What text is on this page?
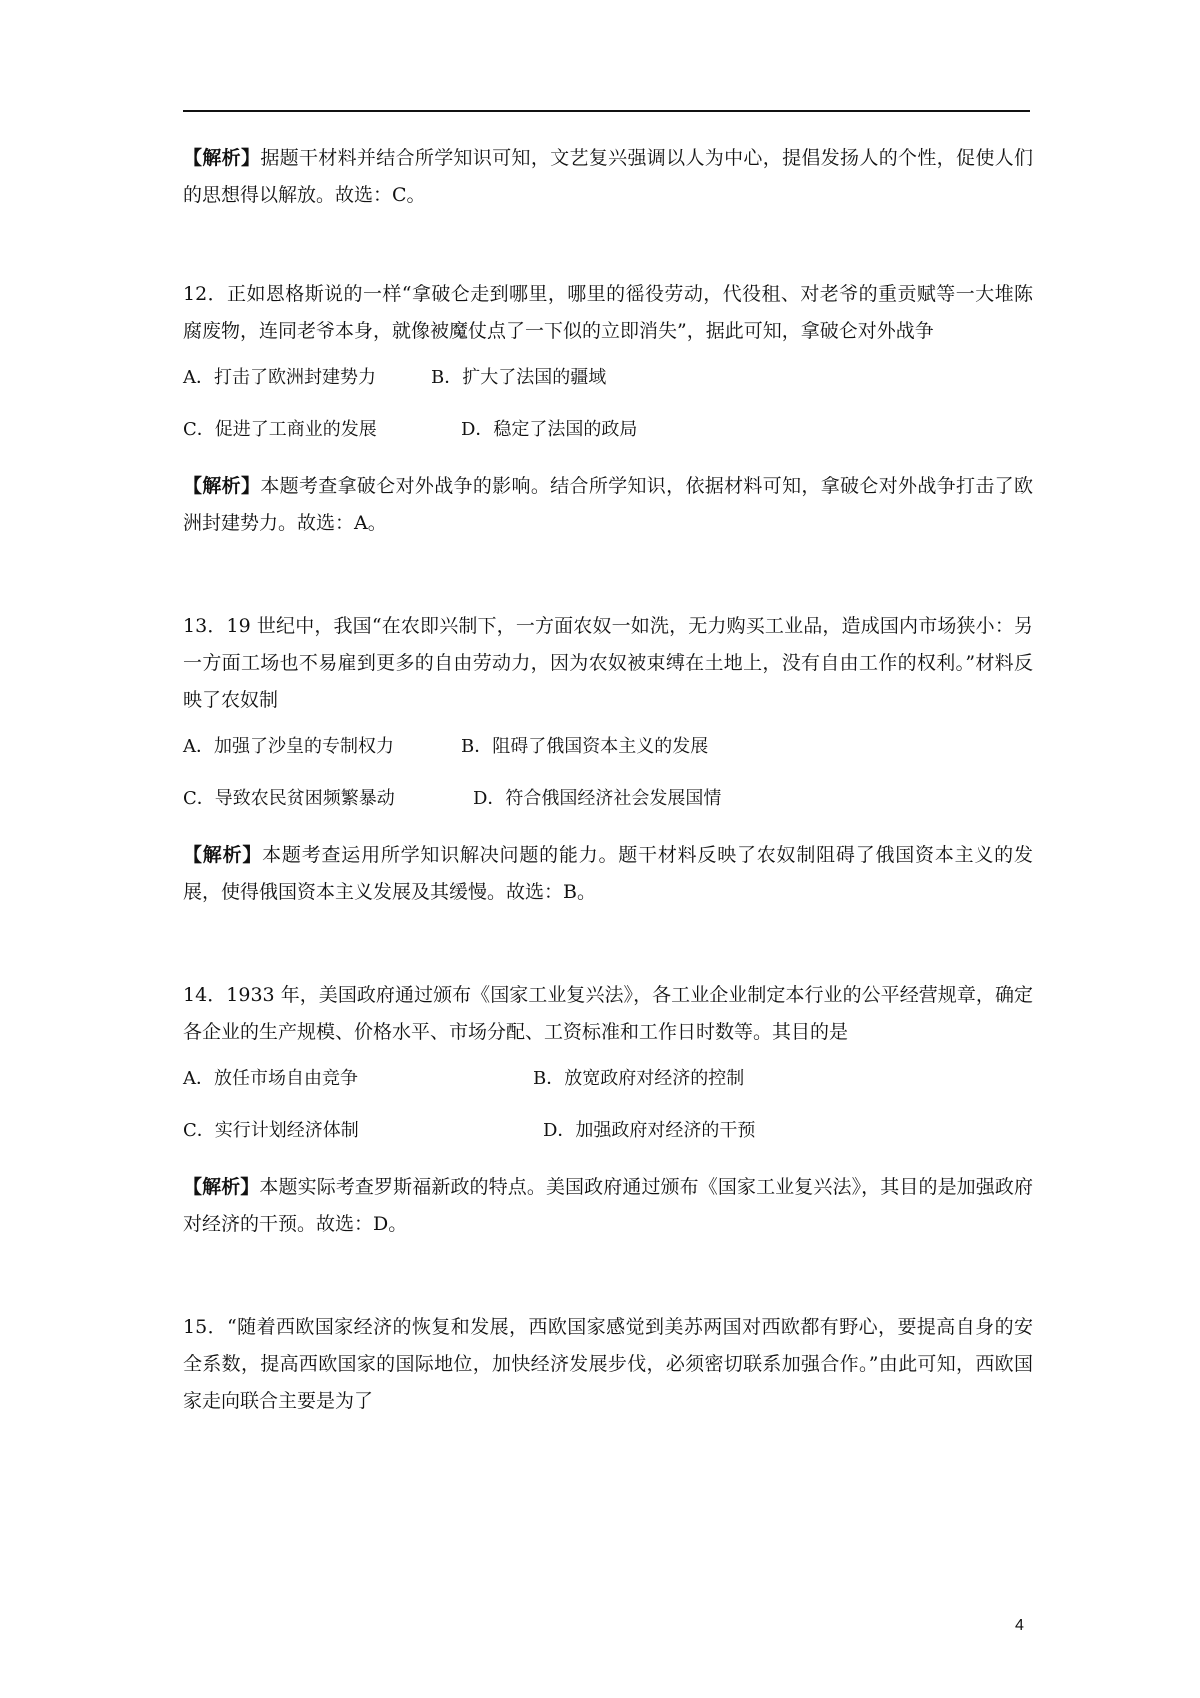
【解析】据题干材料并结合所学知识可知，文艺复兴强调以人为中心，提倡发扬人的个性，促使人们的思想得以解放。故选：C。

12．正如恩格斯说的一样“拿破仑走到哪里，哪里的徭役劳动，代役租、对老爷的重贡赋等一大堆陈腐废物，连同老爷本身，就像被魔仗点了一下似的立即消失”，据此可知，拿破仑对外战争

A．打击了欧洲封建势力	B．扩大了法国的疆域
C．促进了工商业的发展	D．稳定了法国的政局

【解析】本题考查拿破仑对外战争的影响。结合所学知识，依据材料可知，拿破仑对外战争打击了欧洲封建势力。故选：A。

13．19 世纪中，我国“在农即兴制下，一方面农奴一如洗，无力购买工业品，造成国内市场狭小：另一方面工场也不易雇到更多的自由劳动力，因为农奴被束缚在土地上，没有自由工作的权利。”材料反映了农奴制

A．加强了沙皇的专制权力	B．阻碍了俄国资本主义的发展
C．导致农民贫困频繁暴动	D．符合俄国经济社会发展国情

【解析】本题考查运用所学知识解决问题的能力。题干材料反映了农奴制阻碍了俄国资本主义的发展，使得俄国资本主义发展及其缓慢。故选：B。

14．1933 年，美国政府通过颁布《国家工业复兴法》，各工业企业制定本行业的公平经营规章，确定各企业的生产规模、价格水平、市场分配、工资标准和工作日时数等。其目的是

A．放任市场自由竞争	B．放宽政府对经济的控制
C．实行计划经济体制	D．加强政府对经济的干预

【解析】本题实际考查罗斯福新政的特点。美国政府通过颁布《国家工业复兴法》，其目的是加强政府对经济的干预。故选：D。

15．“随着西欧国家经济的恢复和发展，西欧国家感觉到美苏两国对西欧都有野心，要提高自身的安全系数，提高西欧国家的国际地位，加快经济发展步伐，必须密切联系加强合作。”由此可知，西欧国家走向联合主要是为了

4
